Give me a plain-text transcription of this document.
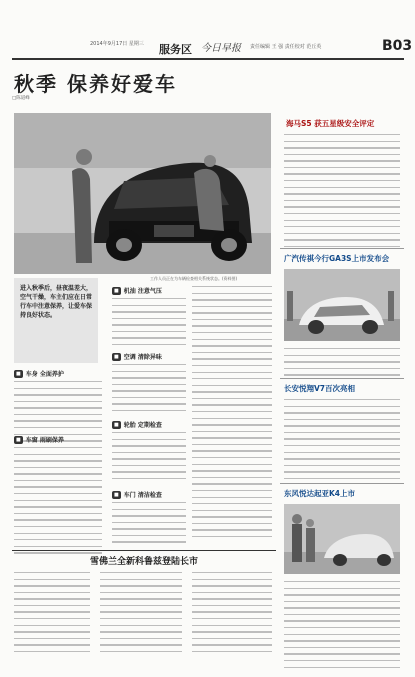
2014年9月17日 星期三 服务区 今日早报 责任编辑 王 强 责任校对 范丘英	B03
秋季 保养好爱车
□陈道峰
工作人员正在为车辆检查相关系统状态。(资料图)
进入秋季后，昼夜温差大，空气干燥，车主们应在日常行车中注意保养，让爱车保持良好状态。
■ 车身 全面养护
■ 车窗 雨刷保养
■ 机油 注意气压
■ 空调 清除异味
■ 轮胎 定期检查
■ 车门 清洁检查
雪佛兰全新科鲁兹登陆长市
海马S5 获五星级安全评定
广汽传祺今行GA3S上市发布会
长安悦翔V7百次亮相
东风悦达起亚K4上市
